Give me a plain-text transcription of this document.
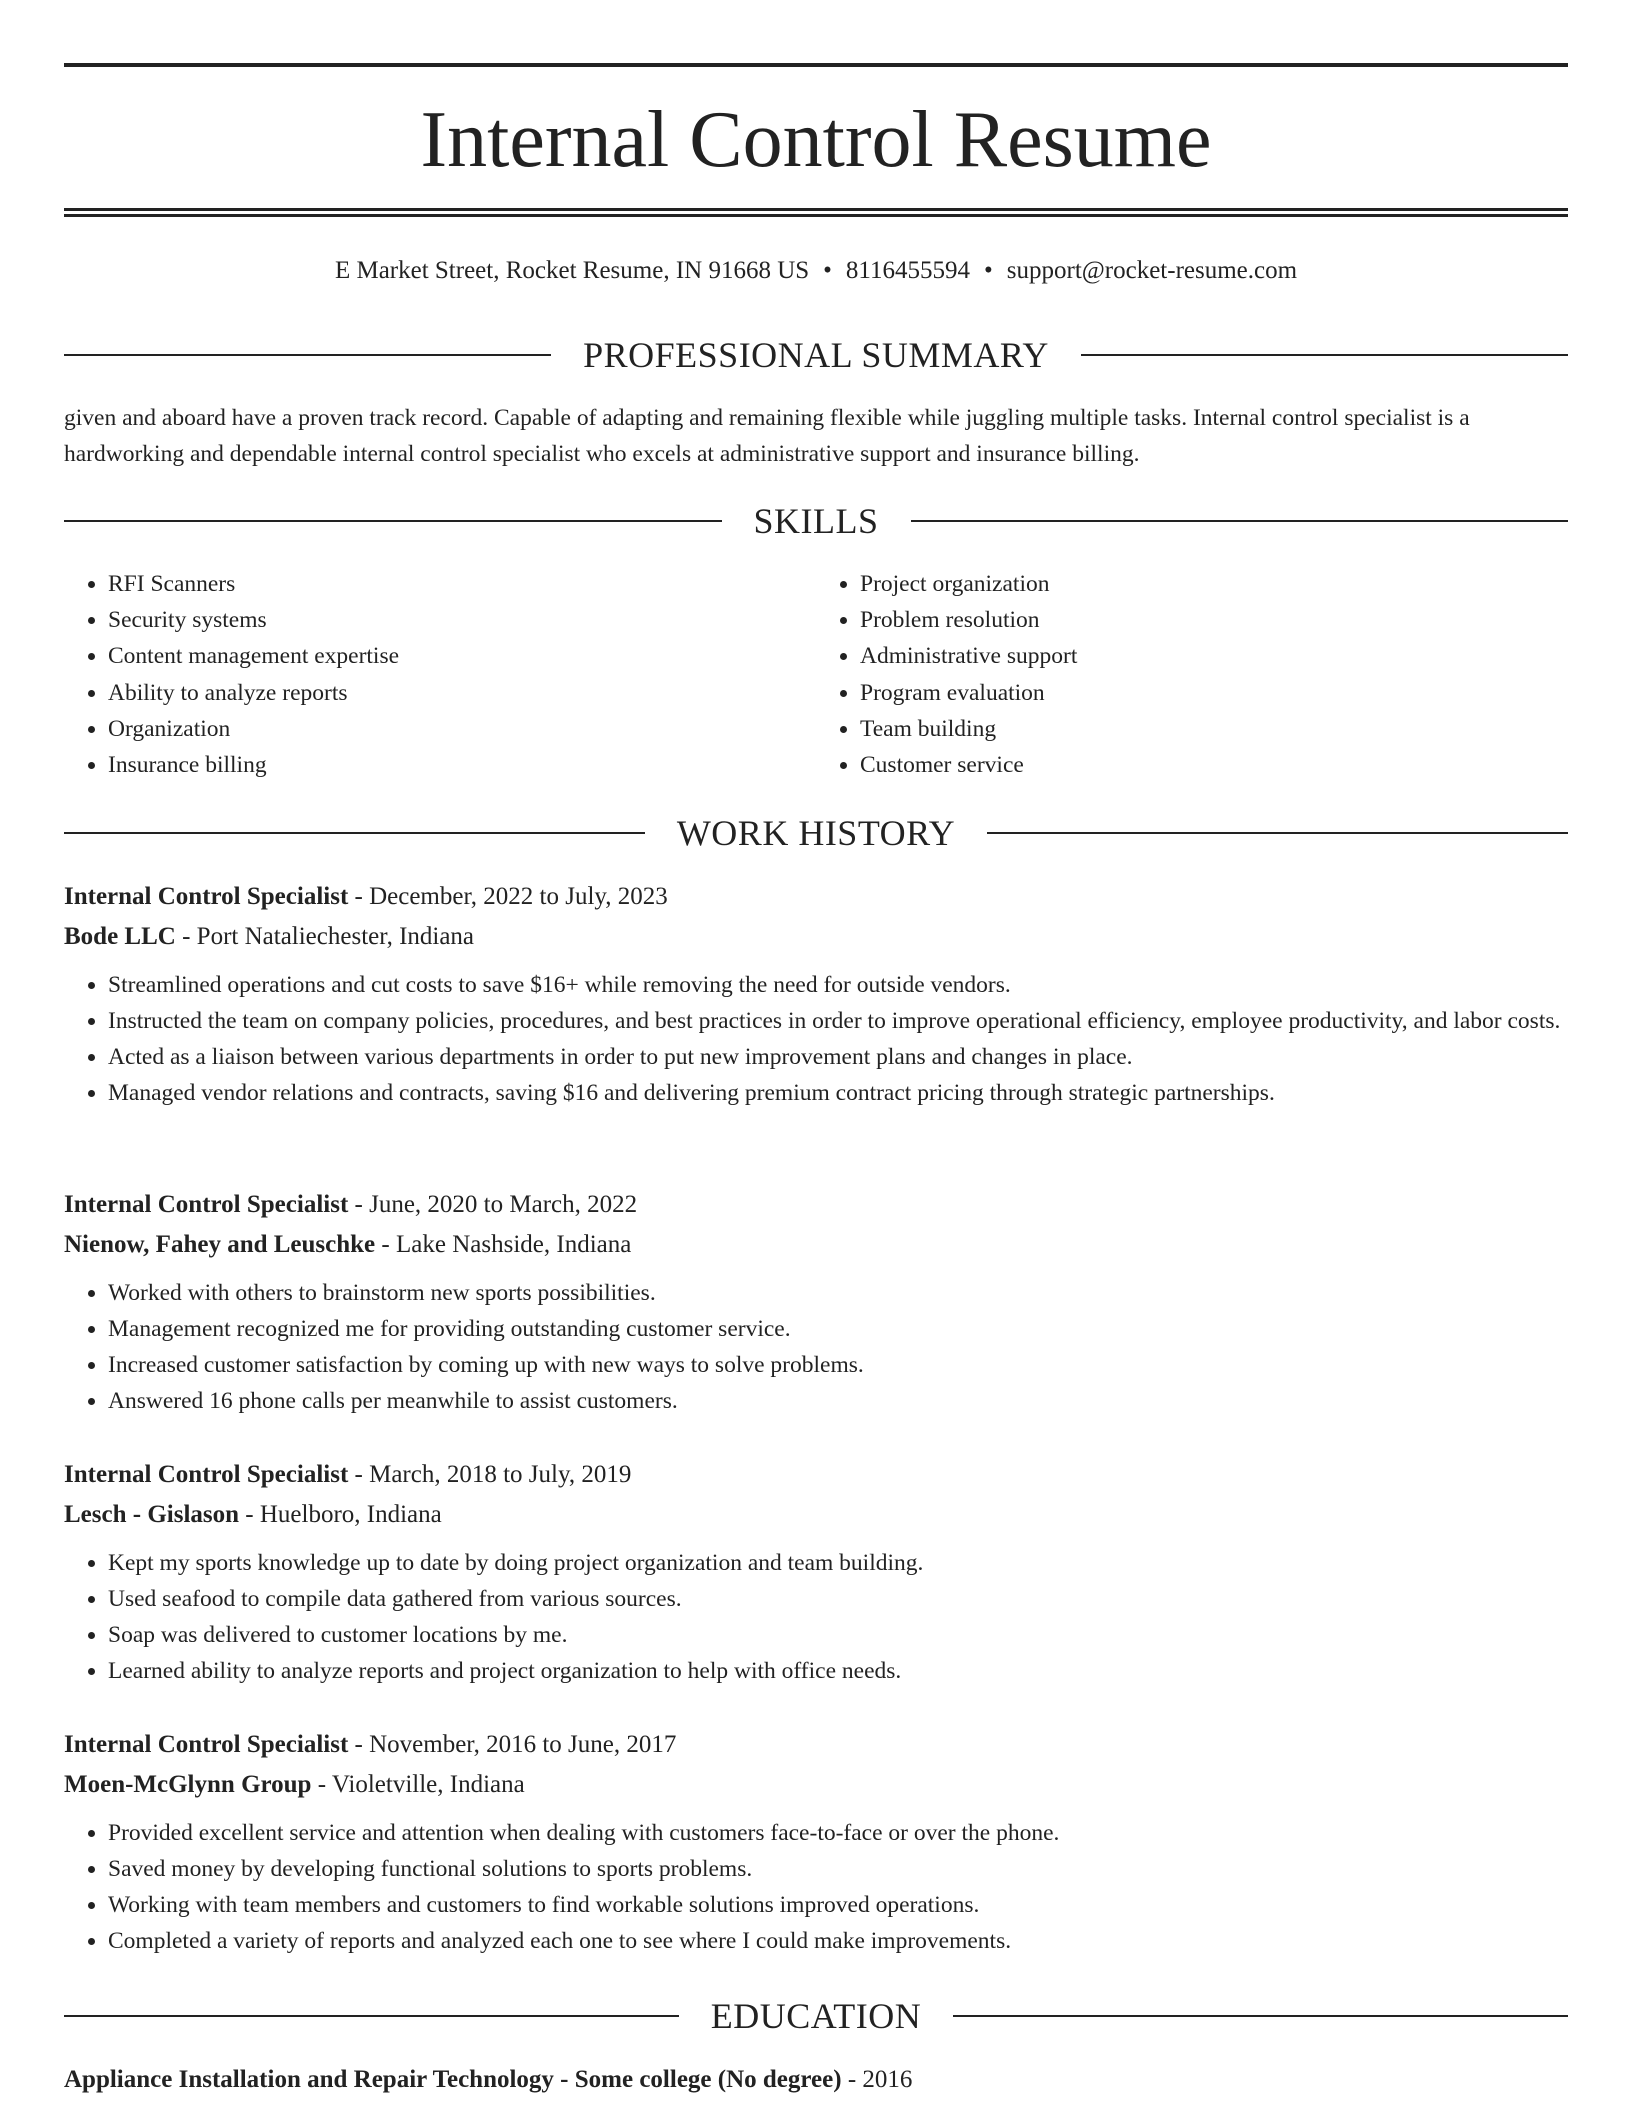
Internal Control Resume
E Market Street, Rocket Resume, IN 91668 US • 8116455594 • support@rocket-resume.com
PROFESSIONAL SUMMARY
given and aboard have a proven track record. Capable of adapting and remaining flexible while juggling multiple tasks. Internal control specialist is a hardworking and dependable internal control specialist who excels at administrative support and insurance billing.
SKILLS
• RFI Scanners
• Security systems
• Content management expertise
• Ability to analyze reports
• Organization
• Insurance billing
• Project organization
• Problem resolution
• Administrative support
• Program evaluation
• Team building
• Customer service
WORK HISTORY
Internal Control Specialist - December, 2022 to July, 2023
Bode LLC - Port Nataliechester, Indiana
• Streamlined operations and cut costs to save $16+ while removing the need for outside vendors.
• Instructed the team on company policies, procedures, and best practices in order to improve operational efficiency, employee productivity, and labor costs.
• Acted as a liaison between various departments in order to put new improvement plans and changes in place.
• Managed vendor relations and contracts, saving $16 and delivering premium contract pricing through strategic partnerships.
Internal Control Specialist - June, 2020 to March, 2022
Nienow, Fahey and Leuschke - Lake Nashside, Indiana
• Worked with others to brainstorm new sports possibilities.
• Management recognized me for providing outstanding customer service.
• Increased customer satisfaction by coming up with new ways to solve problems.
• Answered 16 phone calls per meanwhile to assist customers.
Internal Control Specialist - March, 2018 to July, 2019
Lesch - Gislason - Huelboro, Indiana
• Kept my sports knowledge up to date by doing project organization and team building.
• Used seafood to compile data gathered from various sources.
• Soap was delivered to customer locations by me.
• Learned ability to analyze reports and project organization to help with office needs.
Internal Control Specialist - November, 2016 to June, 2017
Moen-McGlynn Group - Violetville, Indiana
• Provided excellent service and attention when dealing with customers face-to-face or over the phone.
• Saved money by developing functional solutions to sports problems.
• Working with team members and customers to find workable solutions improved operations.
• Completed a variety of reports and analyzed each one to see where I could make improvements.
EDUCATION
Appliance Installation and Repair Technology - Some college (No degree) - 2016
